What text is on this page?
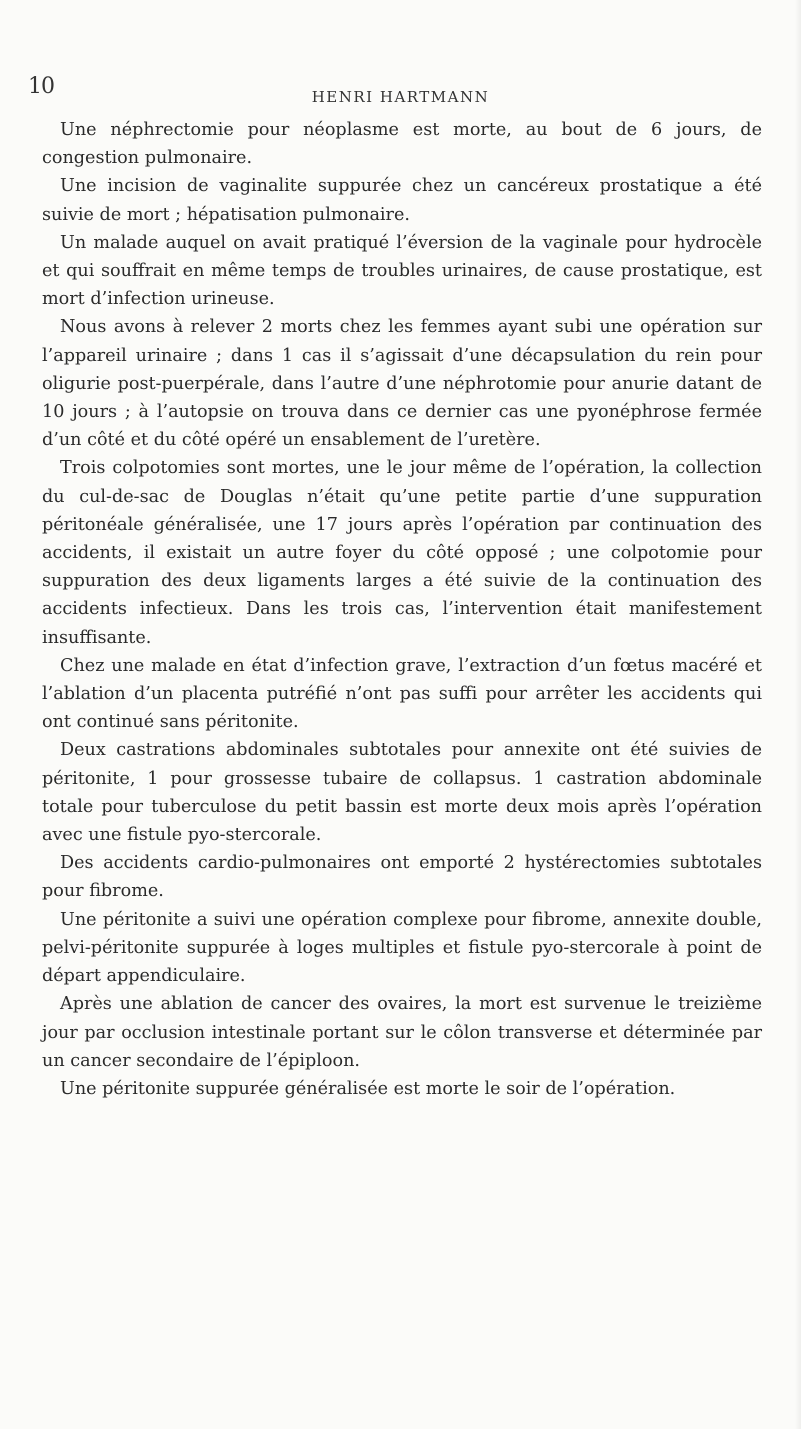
10	HENRI HARTMANN

Une néphrectomie pour néoplasme est morte, au bout de 6 jours, de congestion pulmonaire.

Une incision de vaginalite suppurée chez un cancéreux prostatique a été suivie de mort ; hépatisation pulmonaire.

Un malade auquel on avait pratiqué l’éversion de la vaginale pour hydrocèle et qui souffrait en même temps de troubles urinaires, de cause prostatique, est mort d’infection urineuse.

Nous avons à relever 2 morts chez les femmes ayant subi une opération sur l’appareil urinaire ; dans 1 cas il s’agissait d’une décapsulation du rein pour oligurie post-puerpérale, dans l’autre d’une néphrotomie pour anurie datant de 10 jours ; à l’autopsie on trouva dans ce dernier cas une pyonéphrose fermée d’un côté et du côté opéré un ensablement de l’uretère.

Trois colpotomies sont mortes, une le jour même de l’opération, la collection du cul-de-sac de Douglas n’était qu’une petite partie d’une suppuration péritonéale généralisée, une 17 jours après l’opération par continuation des accidents, il existait un autre foyer du côté opposé ; une colpotomie pour suppuration des deux ligaments larges a été suivie de la continuation des accidents infectieux. Dans les trois cas, l’intervention était manifestement insuffisante.

Chez une malade en état d’infection grave, l’extraction d’un fœtus macéré et l’ablation d’un placenta putréfié n’ont pas suffi pour arrêter les accidents qui ont continué sans péritonite.

Deux castrations abdominales subtotales pour annexite ont été suivies de péritonite, 1 pour grossesse tubaire de collapsus. 1 castration abdominale totale pour tuberculose du petit bassin est morte deux mois après l’opération avec une fistule pyo-stercorale.

Des accidents cardio-pulmonaires ont emporté 2 hystérectomies subtotales pour fibrome.

Une péritonite a suivi une opération complexe pour fibrome, annexite double, pelvi-péritonite suppurée à loges multiples et fistule pyo-stercorale à point de départ appendiculaire.

Après une ablation de cancer des ovaires, la mort est survenue le treizième jour par occlusion intestinale portant sur le côlon transverse et déterminée par un cancer secondaire de l’épiploon.

Une péritonite suppurée généralisée est morte le soir de l’opération.
